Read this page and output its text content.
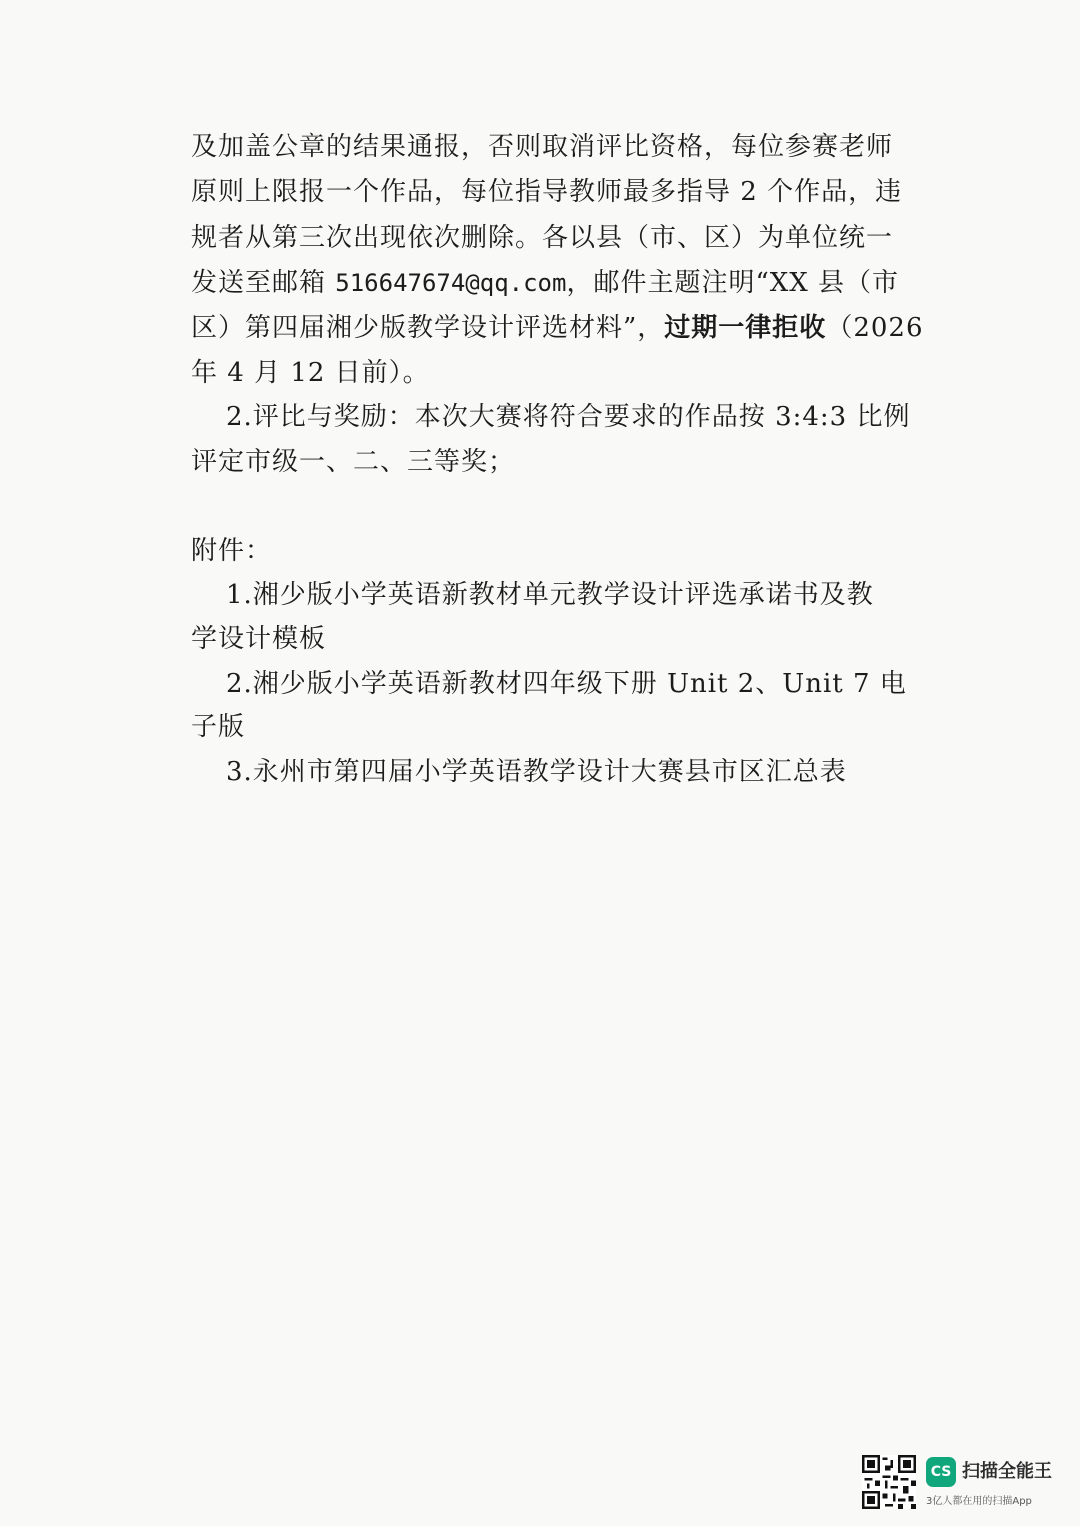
及加盖公章的结果通报，否则取消评比资格，每位参赛老师
原则上限报一个作品，每位指导教师最多指导 2 个作品，违
规者从第三次出现依次删除。各以县（市、区）为单位统一
发送至邮箱 516647674@qq.com，邮件主题注明“XX 县（市
区）第四届湘少版教学设计评选材料”，过期一律拒收（2026
年 4 月 12 日前）。
2.评比与奖励：本次大赛将符合要求的作品按 3:4:3 比例
评定市级一、二、三等奖；
附件：
1.湘少版小学英语新教材单元教学设计评选承诺书及教
学设计模板
2.湘少版小学英语新教材四年级下册 Unit 2、Unit 7 电
子版
3.永州市第四届小学英语教学设计大赛县市区汇总表
CS 扫描全能王
3亿人都在用的扫描App
